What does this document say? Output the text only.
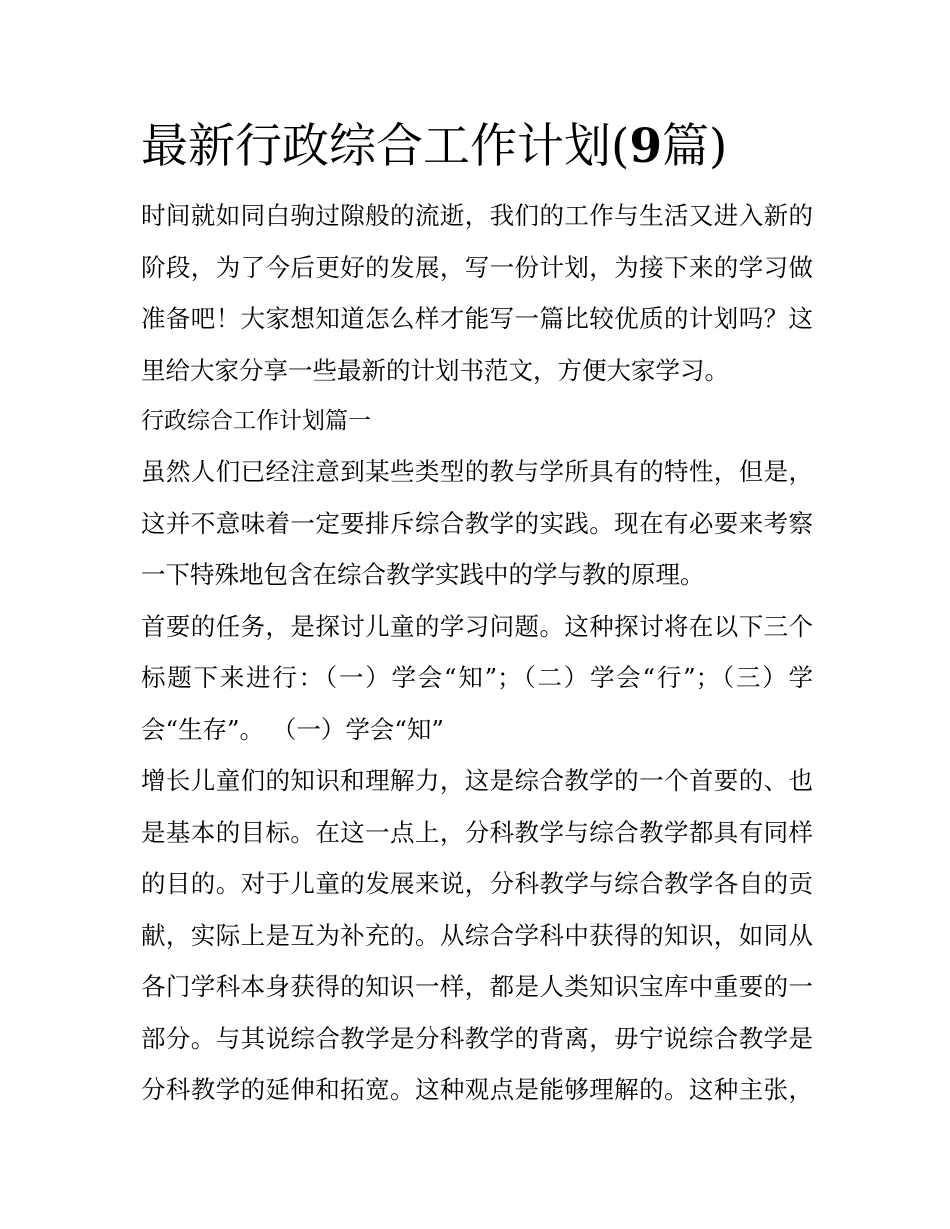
最新行政综合工作计划(9篇)

时间就如同白驹过隙般的流逝，我们的工作与生活又进入新的
阶段，为了今后更好的发展，写一份计划，为接下来的学习做
准备吧！大家想知道怎么样才能写一篇比较优质的计划吗？这
里给大家分享一些最新的计划书范文，方便大家学习。

行政综合工作计划篇一

虽然人们已经注意到某些类型的教与学所具有的特性，但是，
这并不意味着一定要排斥综合教学的实践。现在有必要来考察
一下特殊地包含在综合教学实践中的学与教的原理。

首要的任务，是探讨儿童的学习问题。这种探讨将在以下三个
标题下来进行：（一）学会“知”；（二）学会“行”；（三）学
会“生存”。 （一）学会“知”

增长儿童们的知识和理解力，这是综合教学的一个首要的、也
是基本的目标。在这一点上，分科教学与综合教学都具有同样
的目的。对于儿童的发展来说，分科教学与综合教学各自的贡
献，实际上是互为补充的。从综合学科中获得的知识，如同从
各门学科本身获得的知识一样，都是人类知识宝库中重要的一
部分。与其说综合教学是分科教学的背离，毋宁说综合教学是
分科教学的延伸和拓宽。这种观点是能够理解的。这种主张，
